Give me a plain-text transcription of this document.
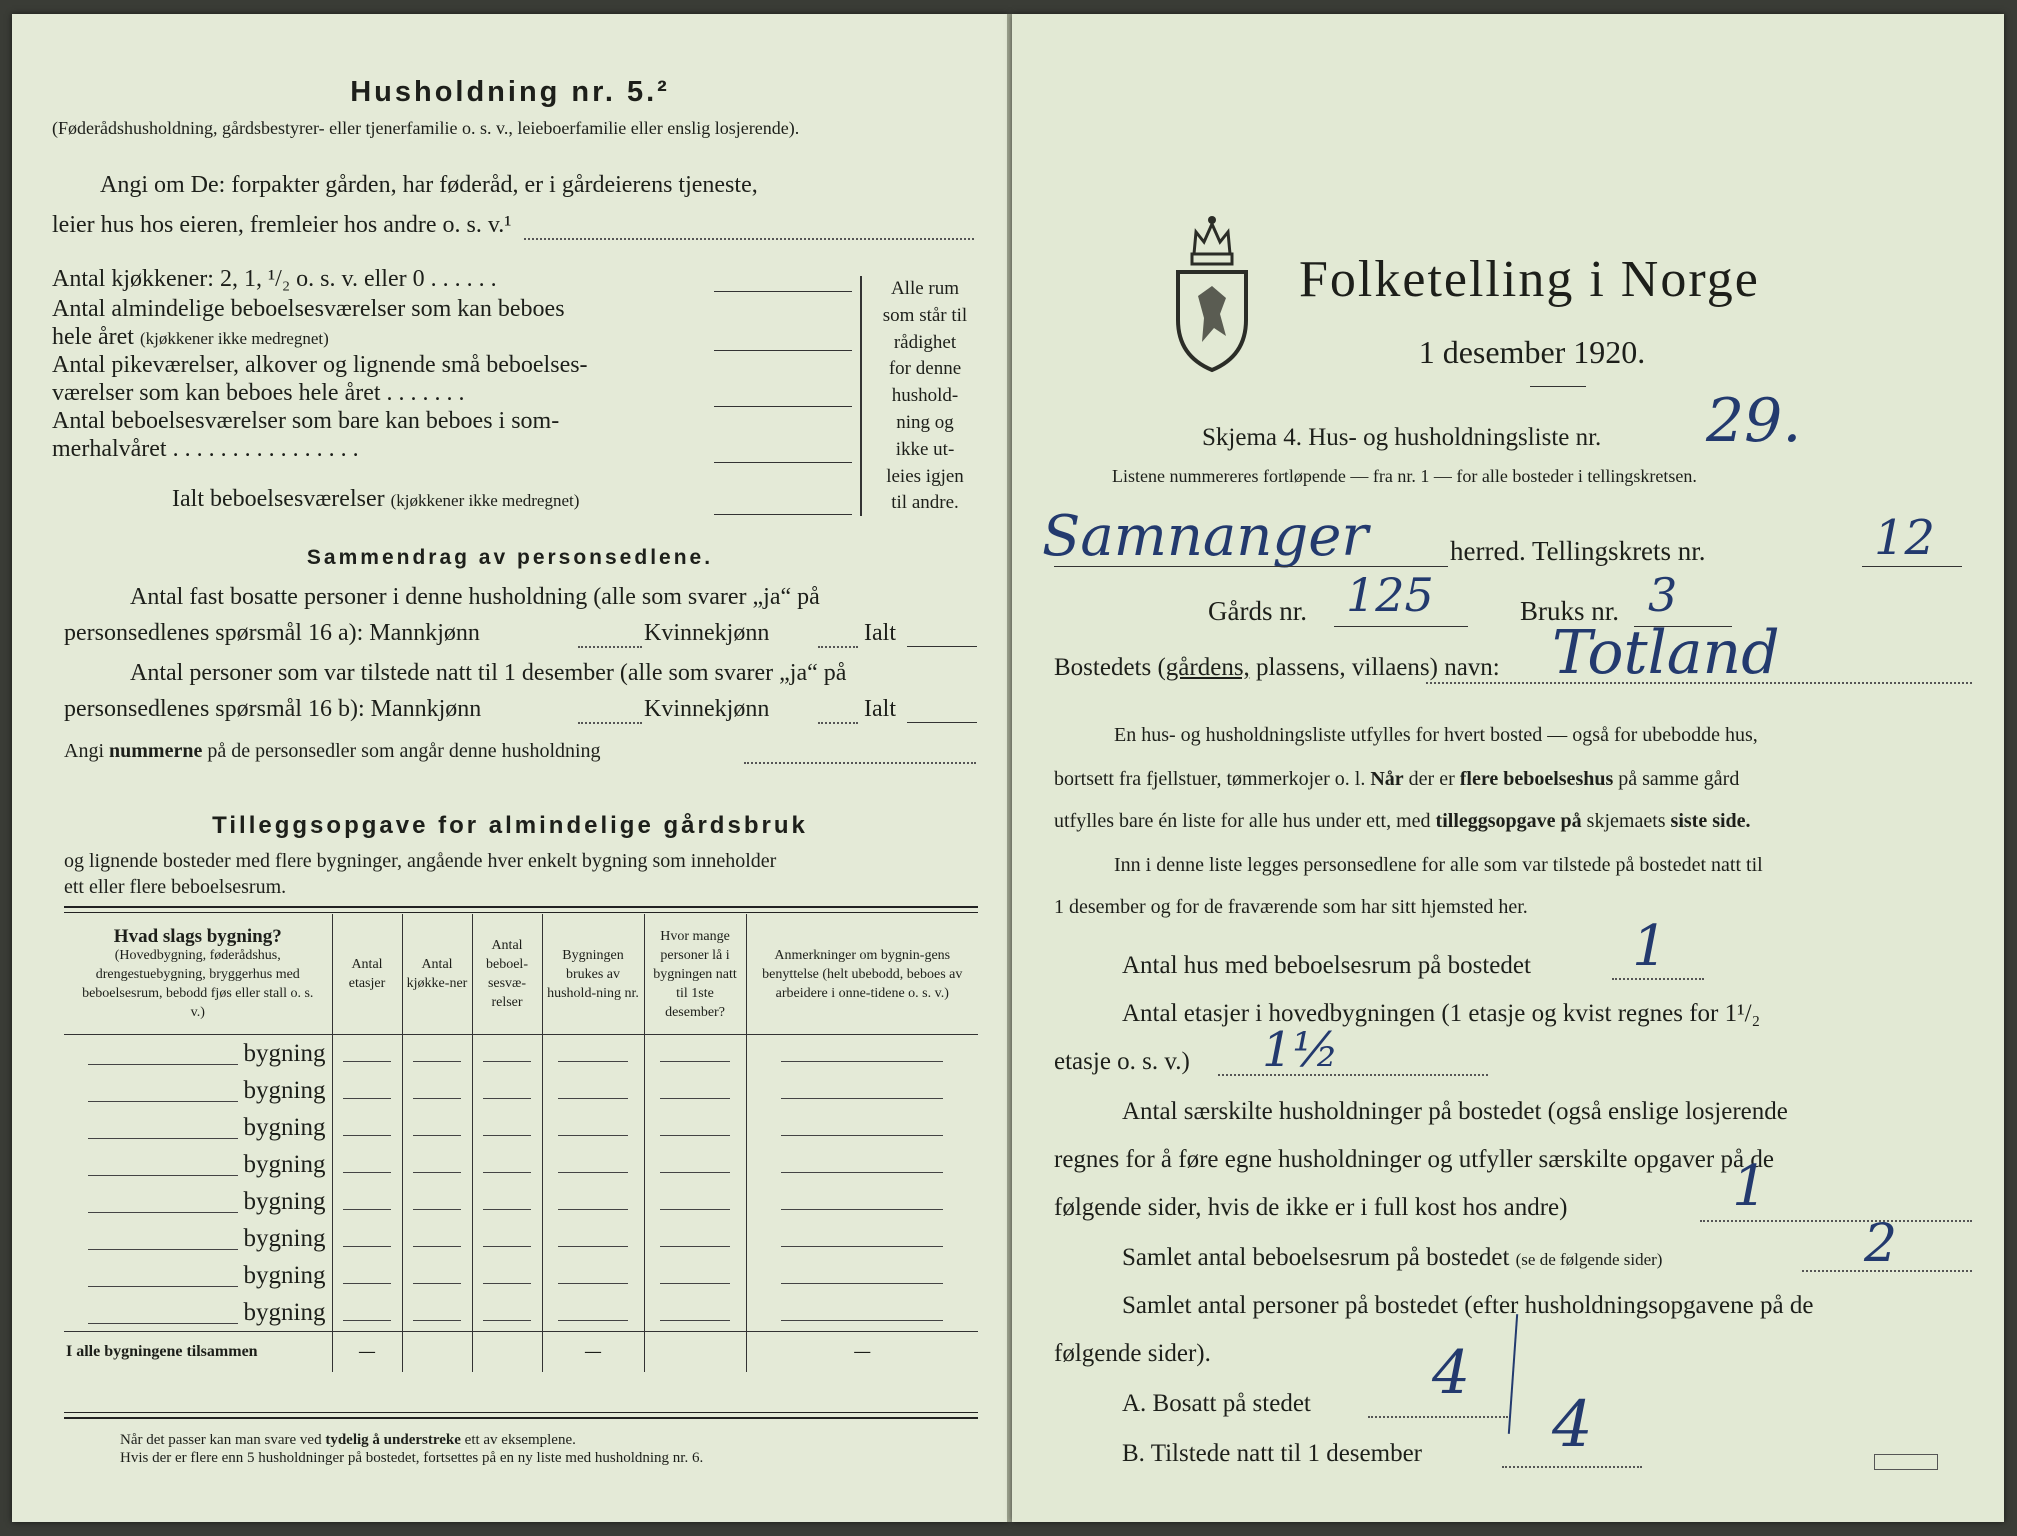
Husholdning nr. 5.²
(Føderådshusholdning, gårdsbestyrer- eller tjenerfamilie o. s. v., leieboerfamilie eller enslig losjerende).
Angi om De: forpakter gården, har føderåd, er i gårdeierens tjeneste,
leier hus hos eieren, fremleier hos andre o. s. v.¹
Antal kjøkkener: 2, 1, ¹/₂ o. s. v. eller 0 . . . . . .
Antal almindelige beboelsesværelser som kan beboes
hele året (kjøkkener ikke medregnet)
Antal pikeværelser, alkover og lignende små beboelses-
værelser som kan beboes hele året . . . . . . .
Antal beboelsesværelser som bare kan beboes i som-
merhalvåret . . . . . . . . . . . . . . . .
Ialt beboelsesværelser (kjøkkener ikke medregnet)
Alle rum
som står til
rådighet
for denne
hushold-
ning og
ikke ut-
leies igjen
til andre.
Sammendrag av personsedlene.
Antal fast bosatte personer i denne husholdning (alle som svarer „ja“ på
personsedlenes spørsmål 16 a): Mannkjønn	Kvinnekjønn	Ialt
Antal personer som var tilstede natt til 1 desember (alle som svarer „ja“ på
personsedlenes spørsmål 16 b): Mannkjønn	Kvinnekjønn	Ialt
Angi nummerne på de personsedler som angår denne husholdning
Tilleggsopgave for almindelige gårdsbruk
og lignende bosteder med flere bygninger, angående hver enkelt bygning som inneholder
ett eller flere beboelsesrum.
Hvad slags bygning?
(Hovedbygning, føderådshus, drengestuebygning, bryggerhus med beboelsesrum, bebodd fjøs eller stall o. s. v.)	Antal etasjer	Antal kjøkke-ner	Antal beboel-sesvæ-relser	Bygningen brukes av hushold-ning nr.	Hvor mange personer lå i bygningen natt til 1ste desember?	Anmerkninger om bygnin-gens benyttelse (helt ubebodd, beboes av arbeidere i onne-tidene o. s. v.)
bygning	

bygning	

bygning	

bygning	

bygning	

bygning	

bygning	

bygning	

I alle bygningene tilsammen	—			—		—
Når det passer kan man svare ved tydelig å understreke ett av eksemplene.
Hvis der er flere enn 5 husholdninger på bostedet, fortsettes på en ny liste med husholdning nr. 6.
Folketelling i Norge
1 desember 1920.
Skjema 4. Hus- og husholdningsliste nr. 29.
Listene nummereres fortløpende — fra nr. 1 — for alle bosteder i tellingskretsen.
Samnanger	herred. Tellingskrets nr.	12
Gårds nr. 125	Bruks nr. 3
Bostedets (gårdens, plassens, villaens) navn: Totland
En hus- og husholdningsliste utfylles for hvert bosted — også for ubebodde hus,
bortsett fra fjellstuer, tømmerkojer o. l. Når der er flere beboelseshus på samme gård
utfylles bare én liste for alle hus under ett, med tilleggsopgave på skjemaets siste side.
Inn i denne liste legges personsedlene for alle som var tilstede på bostedet natt til
1 desember og for de fraværende som har sitt hjemsted her.
Antal hus med beboelsesrum på bostedet 1
Antal etasjer i hovedbygningen (1 etasje og kvist regnes for 1¹/₂
etasje o. s. v.) 1½
Antal særskilte husholdninger på bostedet (også enslige losjerende
regnes for å føre egne husholdninger og utfyller særskilte opgaver på de
følgende sider, hvis de ikke er i full kost hos andre)	1
Samlet antal beboelsesrum på bostedet (se de følgende sider)	2
Samlet antal personer på bostedet (efter husholdningsopgavene på de
følgende sider).
A. Bosatt på stedet 4
B. Tilstede natt til 1 desember 4
